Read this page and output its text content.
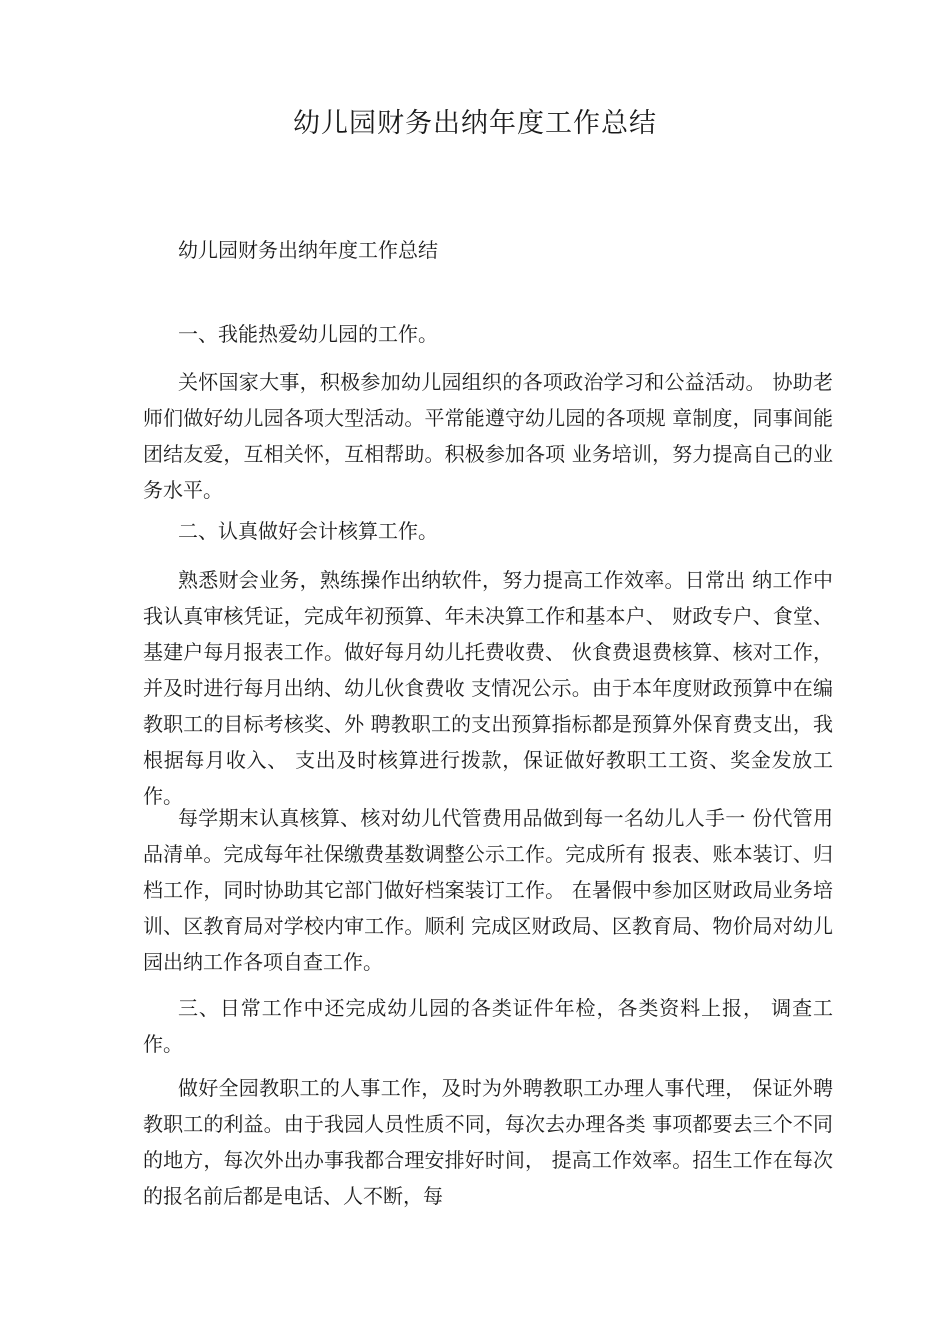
幼儿园财务出纳年度工作总结
幼儿园财务出纳年度工作总结

一、我能热爱幼儿园的工作。

关怀国家大事，积极参加幼儿园组织的各项政治学习和公益活动。 协助老师们做好幼儿园各项大型活动。平常能遵守幼儿园的各项规 章制度，同事间能团结友爱，互相关怀，互相帮助。积极参加各项 业务培训，努力提高自己的业务水平。

二、认真做好会计核算工作。

熟悉财会业务，熟练操作出纳软件，努力提高工作效率。日常出 纳工作中我认真审核凭证，完成年初预算、年未决算工作和基本户、 财政专户、食堂、基建户每月报表工作。做好每月幼儿托费收费、 伙食费退费核算、核对工作，并及时进行每月出纳、幼儿伙食费收 支情况公示。由于本年度财政预算中在编教职工的目标考核奖、外 聘教职工的支出预算指标都是预算外保育费支出，我根据每月收入、 支出及时核算进行拨款，保证做好教职工工资、奖金发放工作。

每学期末认真核算、核对幼儿代管费用品做到每一名幼儿人手一 份代管用品清单。完成每年社保缴费基数调整公示工作。完成所有 报表、账本装订、归档工作，同时协助其它部门做好档案装订工作。 在暑假中参加区财政局业务培训、区教育局对学校内审工作。顺利 完成区财政局、区教育局、物价局对幼儿园出纳工作各项自查工作。

三、日常工作中还完成幼儿园的各类证件年检，各类资料上报， 调查工作。

做好全园教职工的人事工作，及时为外聘教职工办理人事代理， 保证外聘教职工的利益。由于我园人员性质不同，每次去办理各类 事项都要去三个不同的地方，每次外出办事我都合理安排好时间， 提高工作效率。招生工作在每次的报名前后都是电话、人不断，每
